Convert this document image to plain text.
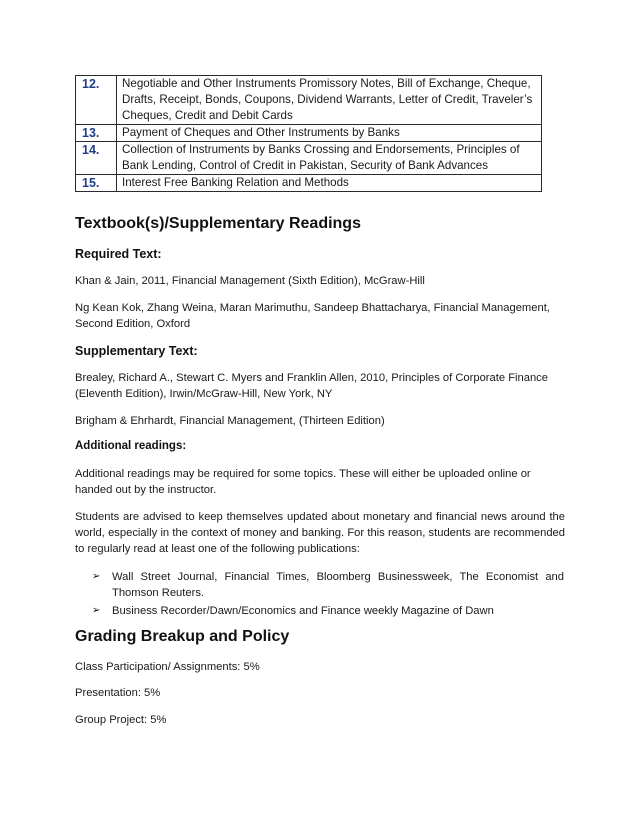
12.	Negotiable and Other Instruments Promissory Notes, Bill of Exchange, Cheque, Drafts, Receipt, Bonds, Coupons, Dividend Warrants, Letter of Credit, Traveler’s Cheques, Credit and Debit Cards
13.	Payment of Cheques and Other Instruments by Banks
14.	Collection of Instruments by Banks Crossing and Endorsements, Principles of Bank Lending, Control of Credit in Pakistan, Security of Bank Advances
15.	Interest Free Banking Relation and Methods
Textbook(s)/Supplementary Readings
Required Text:
Khan & Jain, 2011, Financial Management (Sixth Edition), McGraw-Hill
Ng Kean Kok, Zhang Weina, Maran Marimuthu, Sandeep Bhattacharya, Financial Management, Second Edition, Oxford
Supplementary Text:
Brealey, Richard A., Stewart C. Myers and Franklin Allen, 2010, Principles of Corporate Finance (Eleventh Edition), Irwin/McGraw-Hill, New York, NY
Brigham & Ehrhardt, Financial Management, (Thirteen Edition)
Additional readings:
Additional readings may be required for some topics. These will either be uploaded online or handed out by the instructor.
Students are advised to keep themselves updated about monetary and financial news around the world, especially in the context of money and banking. For this reason, students are recommended to regularly read at least one of the following publications:
➢ Wall Street Journal, Financial Times, Bloomberg Businessweek, The Economist and Thomson Reuters.
➢ Business Recorder/Dawn/Economics and Finance weekly Magazine of Dawn
Grading Breakup and Policy
Class Participation/ Assignments: 5%
Presentation: 5%
Group Project: 5%
